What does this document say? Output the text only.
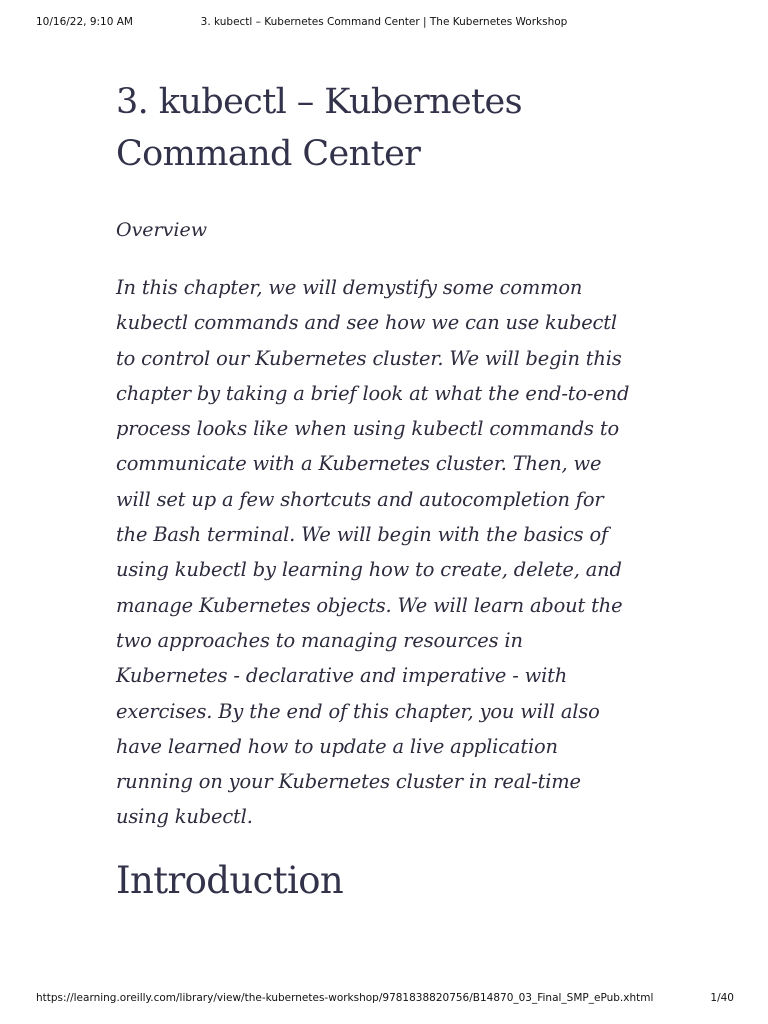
10/16/22, 9:10 AM	3. kubectl – Kubernetes Command Center | The Kubernetes Workshop
3. kubectl – Kubernetes Command Center

Overview

In this chapter, we will demystify some common kubectl commands and see how we can use kubectl to control our Kubernetes cluster. We will begin this chapter by taking a brief look at what the end-to-end process looks like when using kubectl commands to communicate with a Kubernetes cluster. Then, we will set up a few shortcuts and autocompletion for the Bash terminal. We will begin with the basics of using kubectl by learning how to create, delete, and manage Kubernetes objects. We will learn about the two approaches to managing resources in Kubernetes - declarative and imperative - with exercises. By the end of this chapter, you will also have learned how to update a live application running on your Kubernetes cluster in real-time using kubectl.

Introduction
https://learning.oreilly.com/library/view/the-kubernetes-workshop/9781838820756/B14870_03_Final_SMP_ePub.xhtml	1/40
